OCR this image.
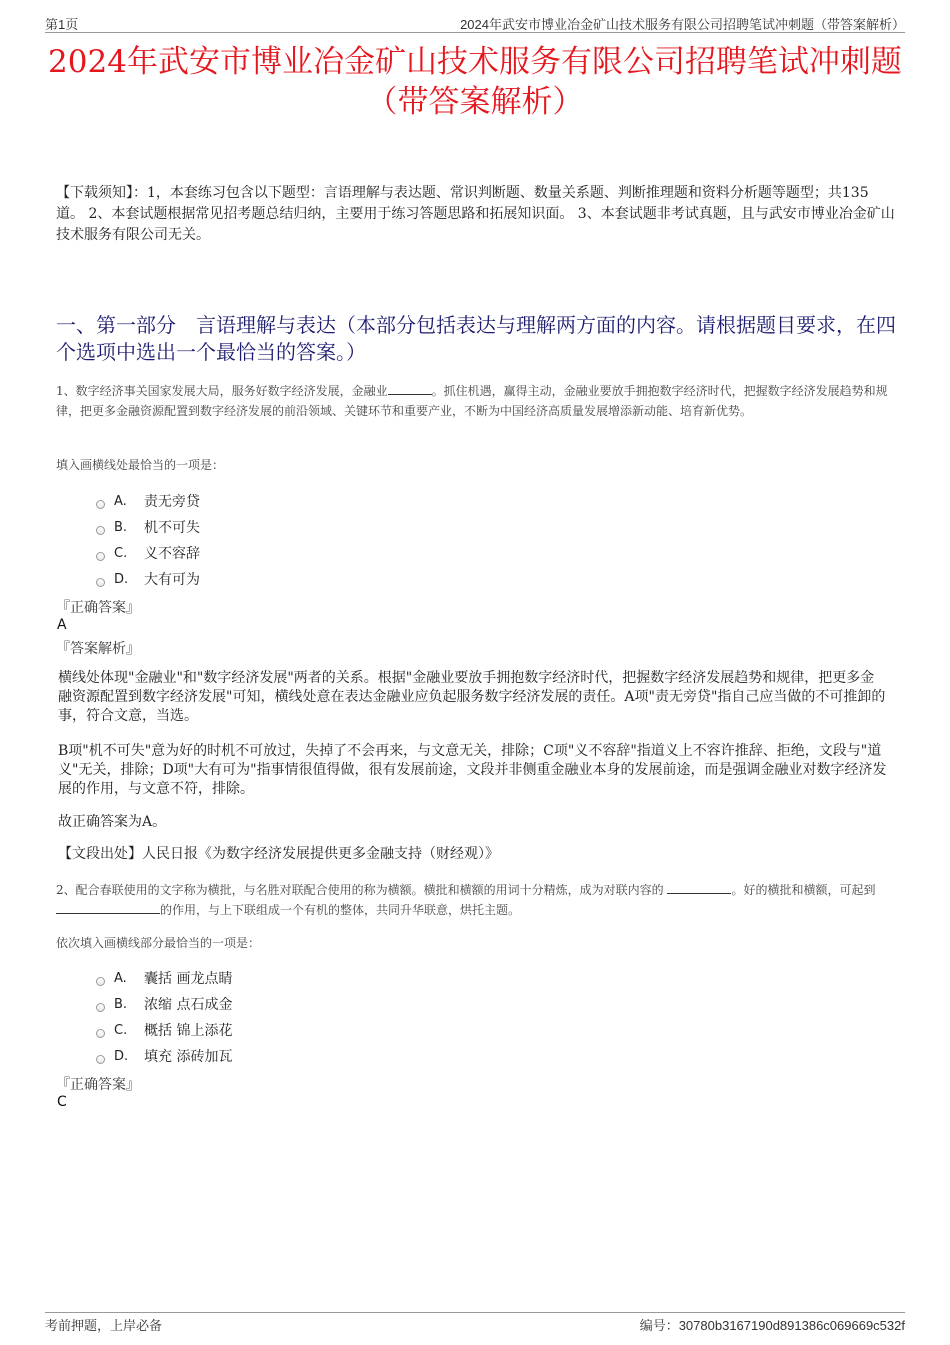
第1页	2024年武安市博业冶金矿山技术服务有限公司招聘笔试冲刺题（带答案解析）
2024年武安市博业冶金矿山技术服务有限公司招聘笔试冲刺题
（带答案解析）
【下载须知】：1，本套练习包含以下题型：言语理解与表达题、常识判断题、数量关系题、判断推理题和资料分析题等题型；共135道。 2、本套试题根据常见招考题总结归纳，主要用于练习答题思路和拓展知识面。 3、本套试题非考试真题，且与武安市博业冶金矿山技术服务有限公司无关。
一、第一部分　言语理解与表达（本部分包括表达与理解两方面的内容。请根据题目要求，在四个选项中选出一个最恰当的答案。）
1、数字经济事关国家发展大局，服务好数字经济发展，金融业	。抓住机遇，赢得主动，金融业要放手拥抱数字经济时代，把握数字经济发展趋势和规律，把更多金融资源配置到数字经济发展的前沿领域、关键环节和重要产业，不断为中国经济高质量发展增添新动能、培育新优势。
填入画横线处最恰当的一项是：
A.	责无旁贷
B.	机不可失
C.	义不容辞
D.	大有可为
『正确答案』
A
『答案解析』
横线处体现"金融业"和"数字经济发展"两者的关系。根据"金融业要放手拥抱数字经济时代，把握数字经济发展趋势和规律，把更多金融资源配置到数字经济发展"可知，横线处意在表达金融业应负起服务数字经济发展的责任。A项"责无旁贷"指自己应当做的不可推卸的事，符合文意，当选。
B项"机不可失"意为好的时机不可放过，失掉了不会再来，与文意无关，排除；C项"义不容辞"指道义上不容许推辞、拒绝，文段与"道义"无关，排除；D项"大有可为"指事情很值得做，很有发展前途，文段并非侧重金融业本身的发展前途，而是强调金融业对数字经济发展的作用，与文意不符，排除。
故正确答案为A。
【文段出处】人民日报《为数字经济发展提供更多金融支持（财经观）》
2、配合春联使用的文字称为横批，与名胜对联配合使用的称为横额。横批和横额的用词十分精炼，成为对联内容的	。好的横批和横额，可起到 的作用，与上下联组成一个有机的整体，共同升华联意，烘托主题。
依次填入画横线部分最恰当的一项是：
A.	囊括 画龙点睛
B.	浓缩 点石成金
C.	概括 锦上添花
D.	填充 添砖加瓦
『正确答案』
C
考前押题，上岸必备	编号：30780b3167190d891386c069669c532f
